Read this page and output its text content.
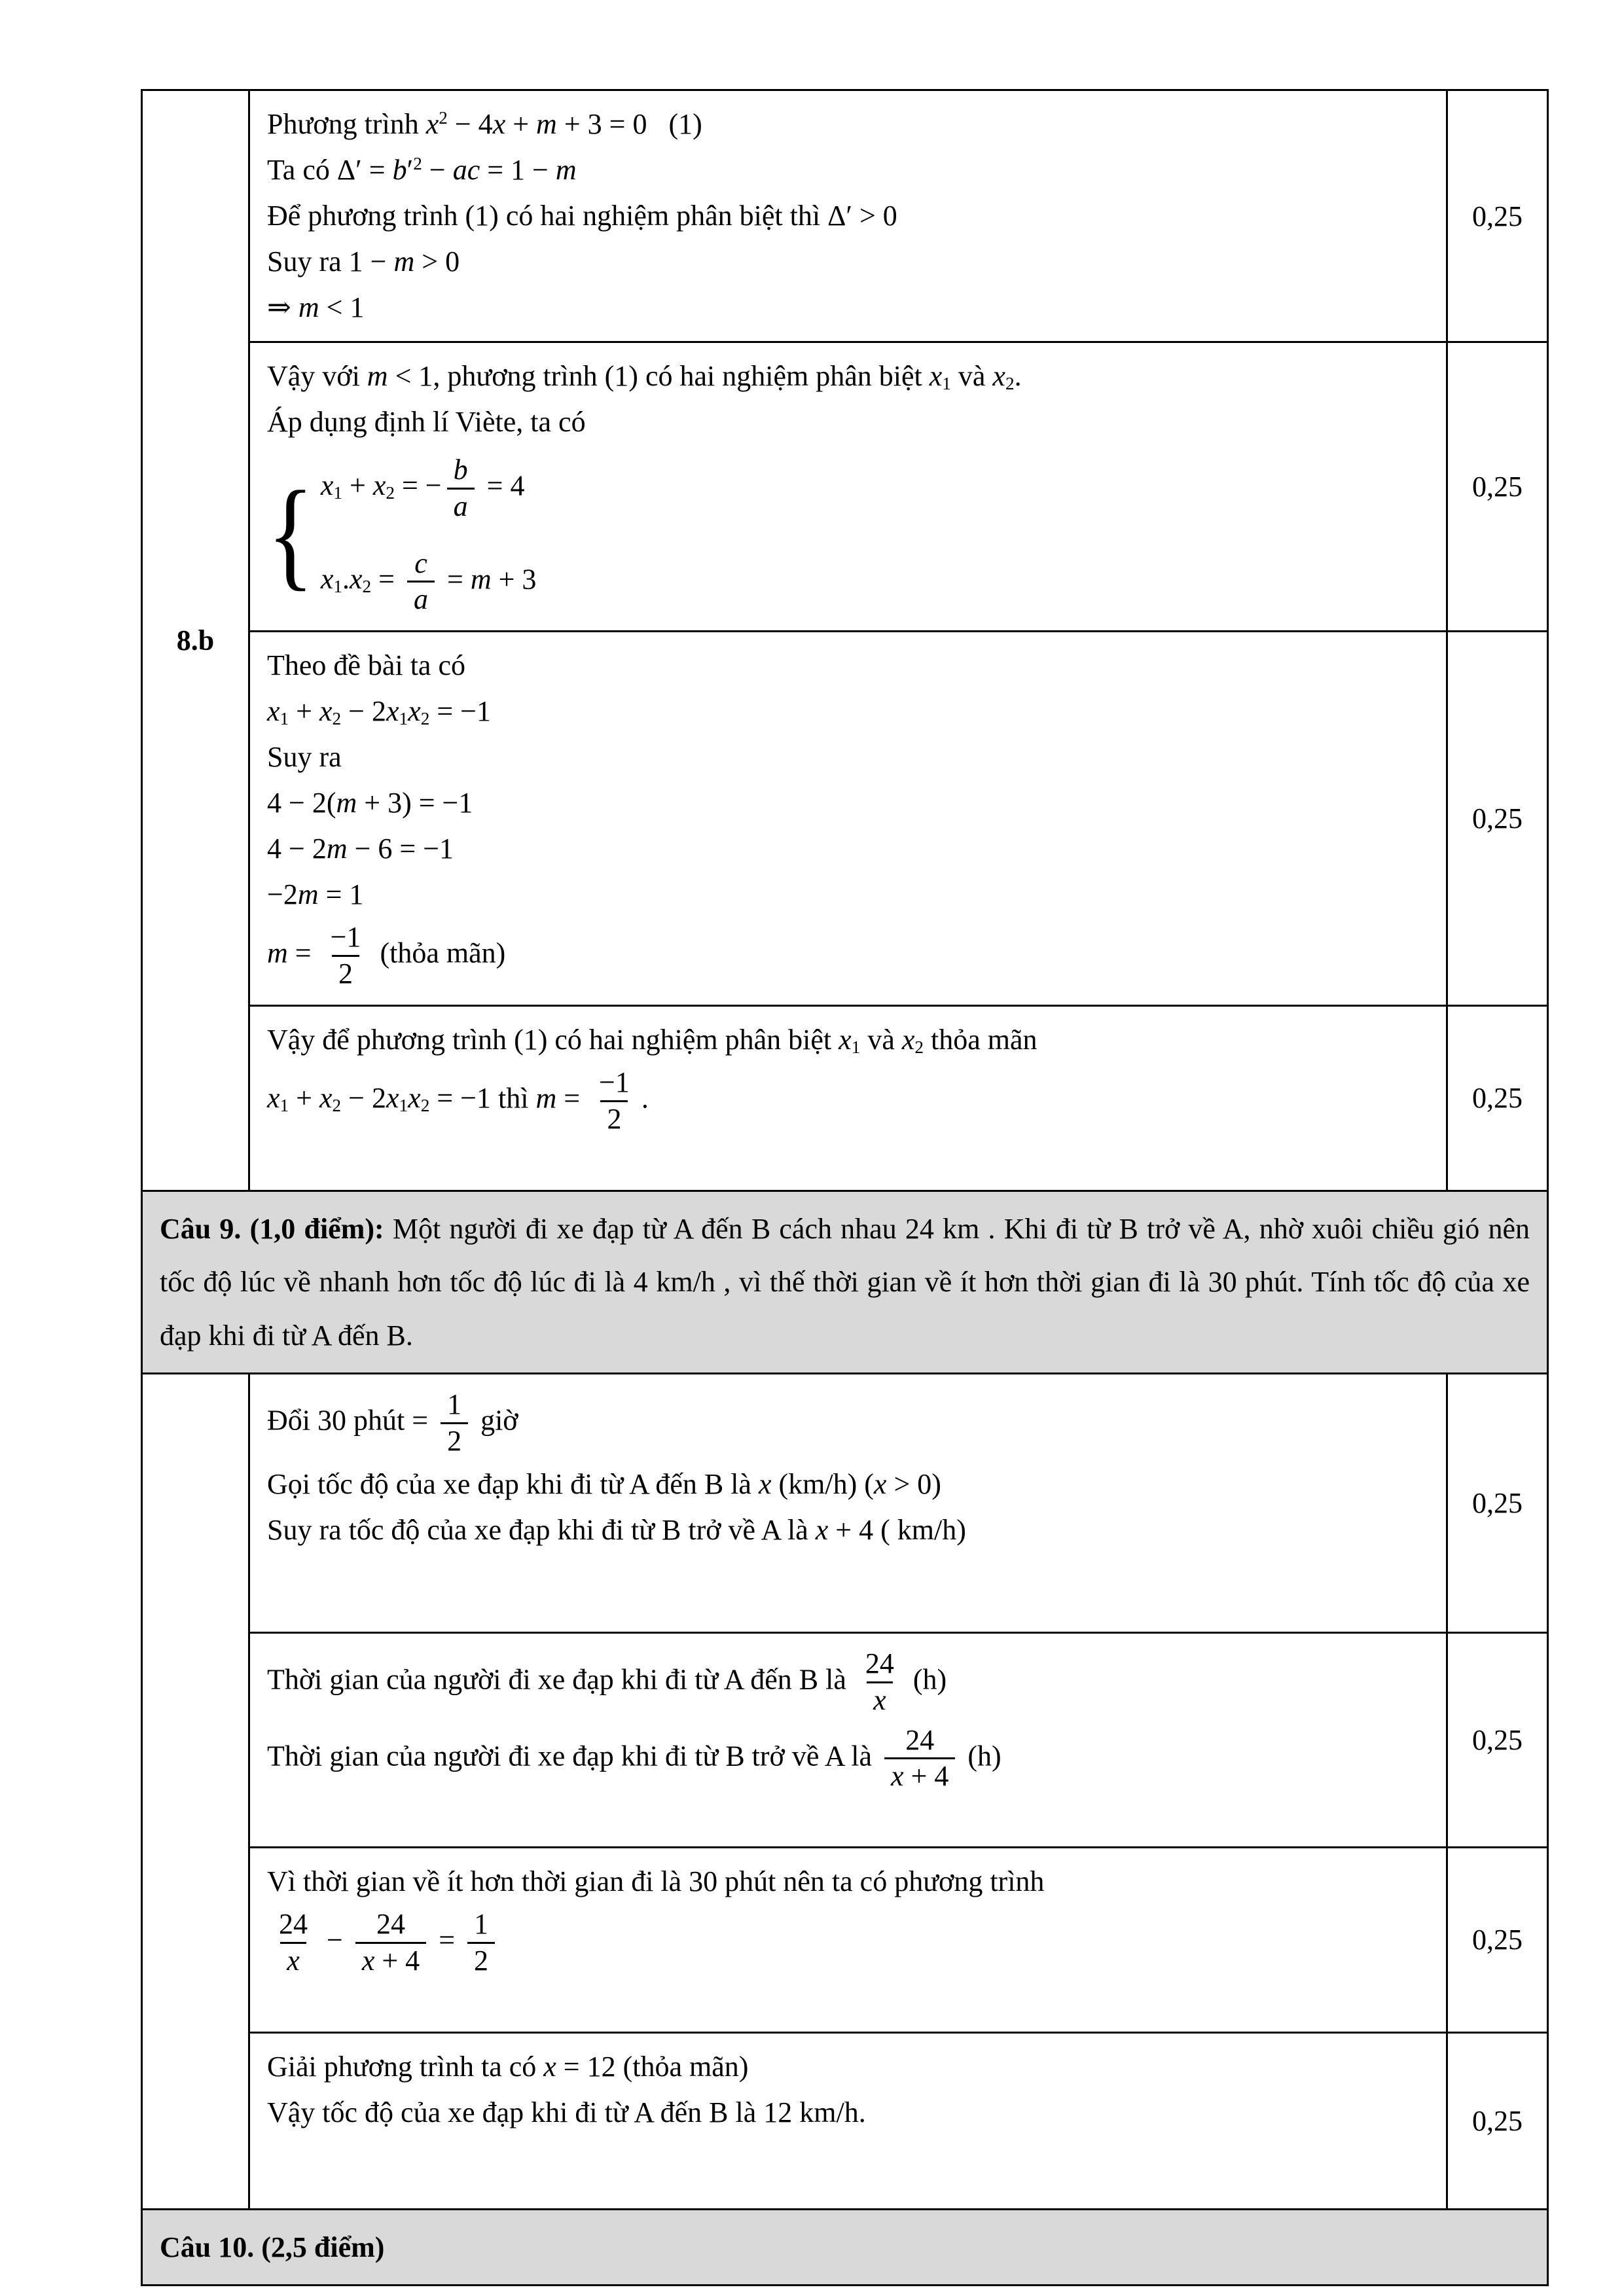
8.b	Phương trình $x^2 - 4x + m + 3 = 0$   (1)
Ta có $\Delta' = b'^2$ − ac = 1 − m
Để phương trình (1) có hai nghiệm phân biệt thì Δ′ > 0
Suy ra 1 − m > 0
⇒ m < 1	0,25

Vậy với m < 1, phương trình (1) có hai nghiệm phân biệt $x_1$ và $x_2$.
Áp dụng định lí Viète, ta có
{ $x_1 + x_2$ = − $\frac{b}{a} = 4$
$x_1.x_2 = \frac{c}{a} = m + 3$
	0,25

Theo đề bài ta có
$x_1 + x_2 - 2x_1x_2 = -1$
Suy ra
4 − 2(m + 3) = −1
4 − 2m − 6 = −1
−2m = 1
$m = \frac{-1}{2}$ (thỏa mãn)
	0,25

	Vậy để phương trình (1) có hai nghiệm phân biệt $x_1$ và $x_2$ thỏa mãn
$x_1 + x_2 - 2x_1x_2 = -1$ thì $m = \frac{-1}{2}$ .	0,25
Câu 9. (1,0 điểm): Một người đi xe đạp từ A đến B cách nhau 24 km . Khi đi từ B trở về A, nhờ xuôi chiều gió nên tốc độ lúc về nhanh hơn tốc độ lúc đi là 4 km/h , vì thế thời gian về ít hơn thời gian đi là 30 phút. Tính tốc độ của xe đạp khi đi từ A đến B.		

Đổi 30 phút = $\frac{1}{2}$ giờ
Gọi tốc độ của xe đạp khi đi từ A đến B là x (km/h) (x > 0)
Suy ra tốc độ của xe đạp khi đi từ B trở về A là x + 4 ( km/h)
	0,25

Thời gian của người đi xe đạp khi đi từ A đến B là $\frac{24}{x} (h)$
Thời gian của người đi xe đạp khi đi từ B trở về A là $\frac{24}{x + 4} (h)$	0,25

Vì thời gian về ít hơn thời gian đi là 30 phút nên ta có phương trình
$\frac{24}{x} - \frac{24}{x + 4} = \frac{1}{2}$	0,25

	Giải phương trình ta có x = 12 (thỏa mãn)
Vậy tốc độ của xe đạp khi đi từ A đến B là 12 km/h.	0,25
Câu 10. (2,5 điểm)		
